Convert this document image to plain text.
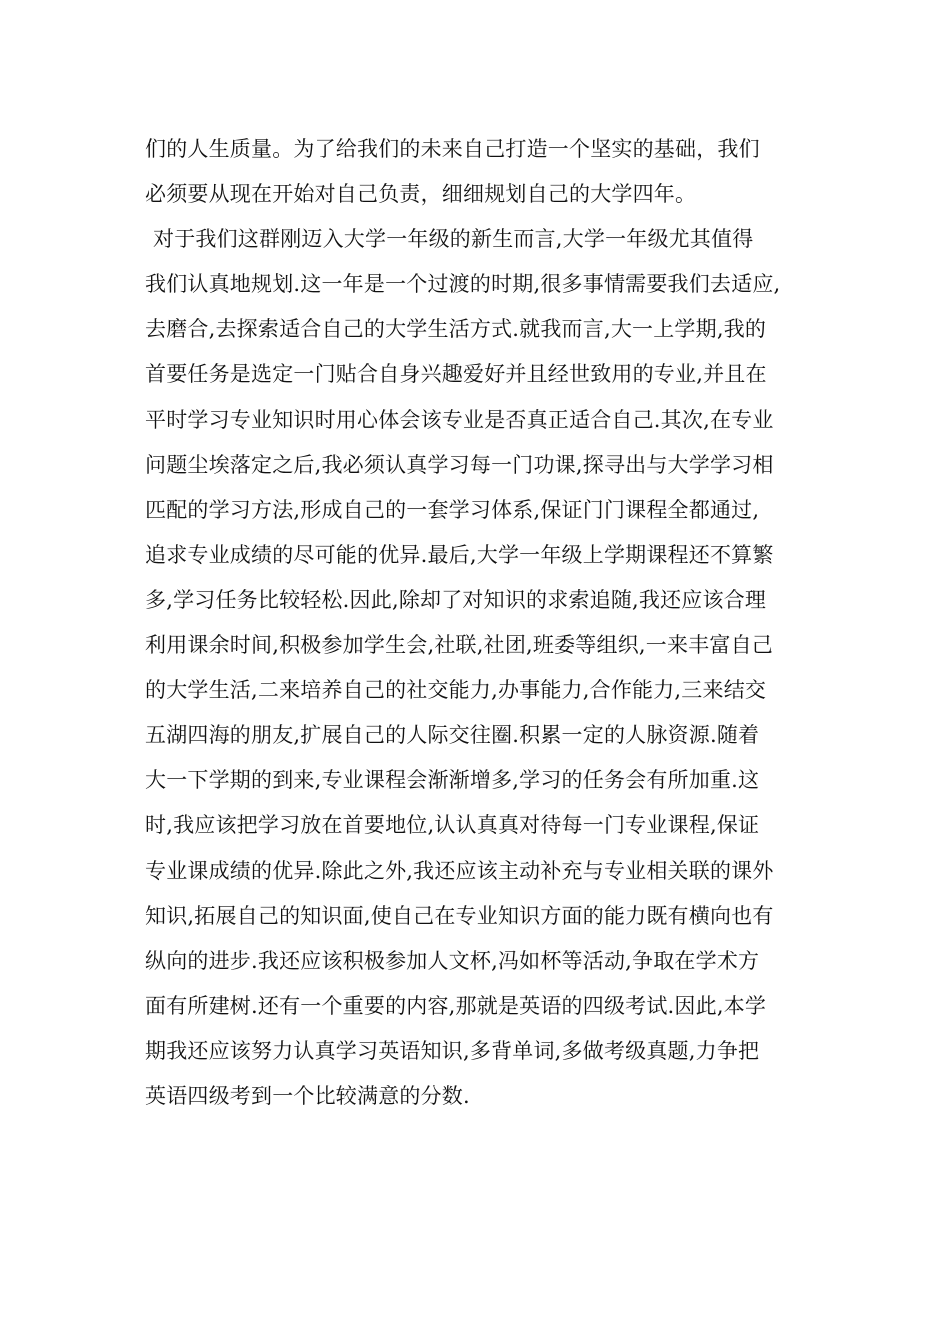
们的人生质量。为了给我们的未来自己打造一个坚实的基础，我们
必须要从现在开始对自己负责，细细规划自己的大学四年。
对于我们这群刚迈入大学一年级的新生而言,大学一年级尤其值得
我们认真地规划.这一年是一个过渡的时期,很多事情需要我们去适应,
去磨合,去探索适合自己的大学生活方式.就我而言,大一上学期,我的
首要任务是选定一门贴合自身兴趣爱好并且经世致用的专业,并且在
平时学习专业知识时用心体会该专业是否真正适合自己.其次,在专业
问题尘埃落定之后,我必须认真学习每一门功课,探寻出与大学学习相
匹配的学习方法,形成自己的一套学习体系,保证门门课程全都通过,
追求专业成绩的尽可能的优异.最后,大学一年级上学期课程还不算繁
多,学习任务比较轻松.因此,除却了对知识的求索追随,我还应该合理
利用课余时间,积极参加学生会,社联,社团,班委等组织,一来丰富自己
的大学生活,二来培养自己的社交能力,办事能力,合作能力,三来结交
五湖四海的朋友,扩展自己的人际交往圈.积累一定的人脉资源.随着
大一下学期的到来,专业课程会渐渐增多,学习的任务会有所加重.这
时,我应该把学习放在首要地位,认认真真对待每一门专业课程,保证
专业课成绩的优异.除此之外,我还应该主动补充与专业相关联的课外
知识,拓展自己的知识面,使自己在专业知识方面的能力既有横向也有
纵向的进步.我还应该积极参加人文杯,冯如杯等活动,争取在学术方
面有所建树.还有一个重要的内容,那就是英语的四级考试.因此,本学
期我还应该努力认真学习英语知识,多背单词,多做考级真题,力争把
英语四级考到一个比较满意的分数.
